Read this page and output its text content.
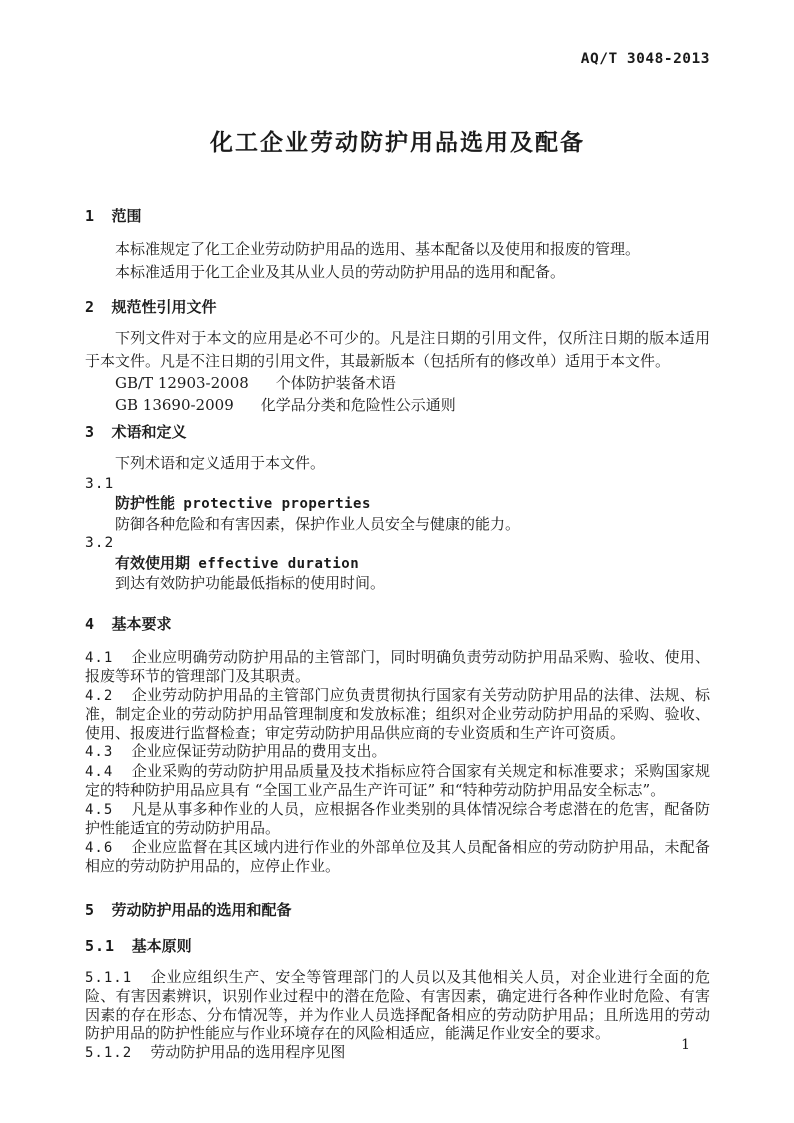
AQ/T 3048-2013
化工企业劳动防护用品选用及配备
1 范围

本标准规定了化工企业劳动防护用品的选用、基本配备以及使用和报废的管理。

本标准适用于化工企业及其从业人员的劳动防护用品的选用和配备。

2 规范性引用文件

下列文件对于本文的应用是必不可少的。凡是注日期的引用文件，仅所注日期的版本适用于本文件。凡是不注日期的引用文件，其最新版本（包括所有的修改单）适用于本文件。

GB/T 12903-2008 个体防护装备术语

GB 13690-2009 化学品分类和危险性公示通则

3 术语和定义

下列术语和定义适用于本文件。

3.1

防护性能 protective properties

防御各种危险和有害因素，保护作业人员安全与健康的能力。

3.2

有效使用期 effective duration

到达有效防护功能最低指标的使用时间。

4 基本要求

4.1 企业应明确劳动防护用品的主管部门，同时明确负责劳动防护用品采购、验收、使用、报废等环节的管理部门及其职责。

4.2 企业劳动防护用品的主管部门应负责贯彻执行国家有关劳动防护用品的法律、法规、标准，制定企业的劳动防护用品管理制度和发放标准；组织对企业劳动防护用品的采购、验收、使用、报废进行监督检查；审定劳动防护用品供应商的专业资质和生产许可资质。

4.3 企业应保证劳动防护用品的费用支出。

4.4 企业采购的劳动防护用品质量及技术指标应符合国家有关规定和标准要求；采购国家规定的特种防护用品应具有 “全国工业产品生产许可证” 和“特种劳动防护用品安全标志”。

4.5 凡是从事多种作业的人员，应根据各作业类别的具体情况综合考虑潜在的危害，配备防护性能适宜的劳动防护用品。

4.6 企业应监督在其区域内进行作业的外部单位及其人员配备相应的劳动防护用品，未配备相应的劳动防护用品的，应停止作业。

5 劳动防护用品的选用和配备
5.1 基本原则

5.1.1 企业应组织生产、安全等管理部门的人员以及其他相关人员，对企业进行全面的危险、有害因素辨识，识别作业过程中的潜在危险、有害因素，确定进行各种作业时危险、有害因素的存在形态、分布情况等，并为作业人员选择配备相应的劳动防护用品；且所选用的劳动防护用品的防护性能应与作业环境存在的风险相适应，能满足作业安全的要求。

5.1.2 劳动防护用品的选用程序见图	1
